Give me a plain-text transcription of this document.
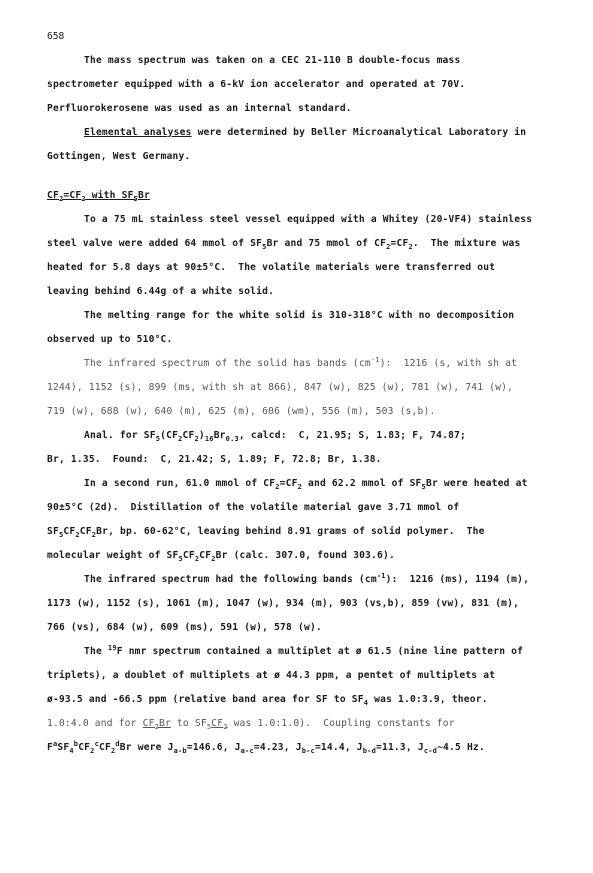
658
The mass spectrum was taken on a CEC 21-110 B double-focus mass
spectrometer equipped with a 6-kV ion accelerator and operated at 70V.
Perfluorokerosene was used as an internal standard.
Elemental analyses were determined by Beller Microanalytical Laboratory in
Gottingen, West Germany.
$CF_2=CF_2$ with $SF_5Br$
To a 75 mL stainless steel vessel equipped with a Whitey (20-VF4) stainless
steel valve were added 64 mmol of $SF_5Br$ and 75 mmol of $CF_2=CF_2$.  The mixture was
heated for 5.8 days at 90±5°C.  The volatile materials were transferred out
leaving behind 6.44g of a white solid.
The melting range for the white solid is 310-318°C with no decomposition
observed up to 510°C.
The infrared spectrum of the solid has bands $(cm^{-1})$:  1216 (s, with sh at
1244), 1152 (s), 899 (ms, with sh at 866), 847 (w), 825 (w), 781 (w), 741 (w),
719 (w), 688 (w), 640 (m), 625 (m), 606 (wm), 556 (m), 503 (s,b).
Anal. for $SF_5(CF_2CF_2)_{16}Br_{0.3}$, calcd:  C, 21.95; S, 1.83; F, 74.87;
Br, 1.35.  Found:  C, 21.42; S, 1.89; F, 72.8; Br, 1.38.
In a second run, 61.0 mmol of $CF_2=CF_2$ and 62.2 mmol of $SF_5Br$ were heated at
90±5°C (2d).  Distillation of the volatile material gave 3.71 mmol of
$SF_5CF_2CF_2Br$, bp. 60-62°C, leaving behind 8.91 grams of solid polymer.  The
molecular weight of $SF_5CF_2CF_2Br$ (calc. 307.0, found 303.6).
The infrared spectrum had the following bands $(cm^{-1})$:  1216 (ms), 1194 (m),
1173 (w), 1152 (s), 1061 (m), 1047 (w), 934 (m), 903 (vs,b), 859 (vw), 831 (m),
766 (vs), 684 (w), 609 (ms), 591 (w), 578 (w).
The $^{19}$F nmr spectrum contained a multiplet at ø 61.5 (nine line pattern of
triplets), a doublet of multiplets at ø 44.3 ppm, a pentet of multiplets at
ø-93.5 and -66.5 ppm (relative band area for SF to $SF_4$ was 1.0:3.9, theor.
1.0:4.0 and for $CF_2Br$ to $SF_5CF_2$ was 1.0:1.0).  Coupling constants for
$F^aSF_4^bCF_2^cCF_2^dBr$ were $J_{a-b}=146.6$, $J_{a-c}=4.23$, $J_{b-c}=14.4$, $J_{b-d}=11.3$, $J_{c-d}\sim 4.5$ Hz.
